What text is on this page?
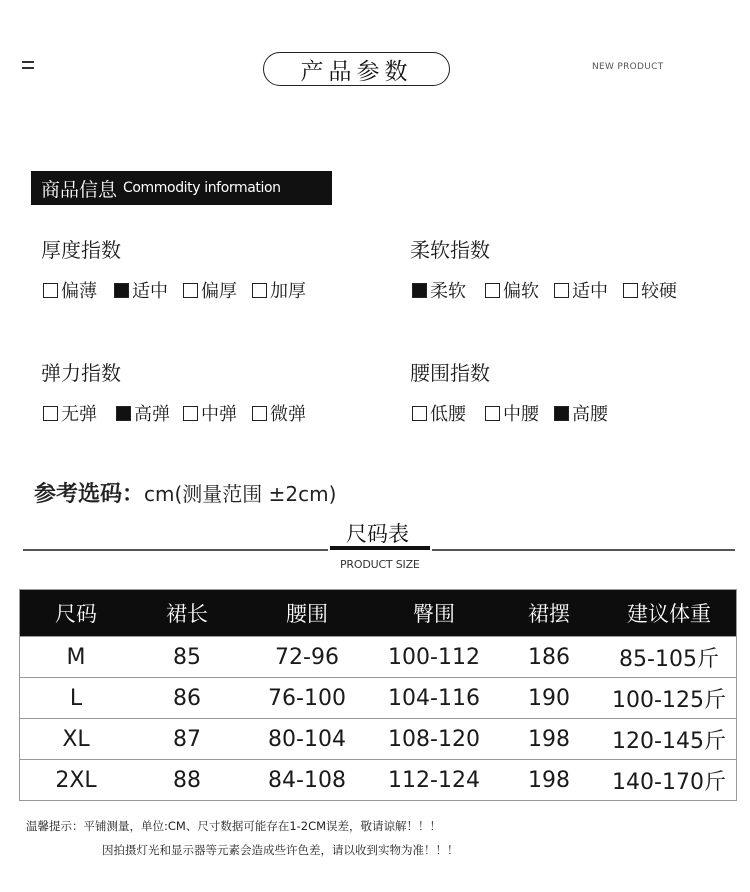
产品参数	NEW PRODUCT
商品信息 Commodity information
厚度指数
偏薄 适中 偏厚 加厚
柔软指数
柔软 偏软 适中 较硬
弹力指数
无弹 高弹 中弹 微弹
腰围指数
低腰 中腰 高腰
参考选码：cm(测量范围 ±2cm)
尺码表
PRODUCT SIZE
尺码	裙长	腰围	臀围	裙摆	建议体重
M	85	72-96	100-112	186	85-105斤
L	86	76-100	104-116	190	100-125斤
XL	87	80-104	108-120	198	120-145斤
2XL	88	84-108	112-124	198	140-170斤
温馨提示：平铺测量，单位:CM、尺寸数据可能存在1-2CM误差，敬请谅解！！！
因拍摄灯光和显示器等元素会造成些许色差，请以收到实物为准！！！
